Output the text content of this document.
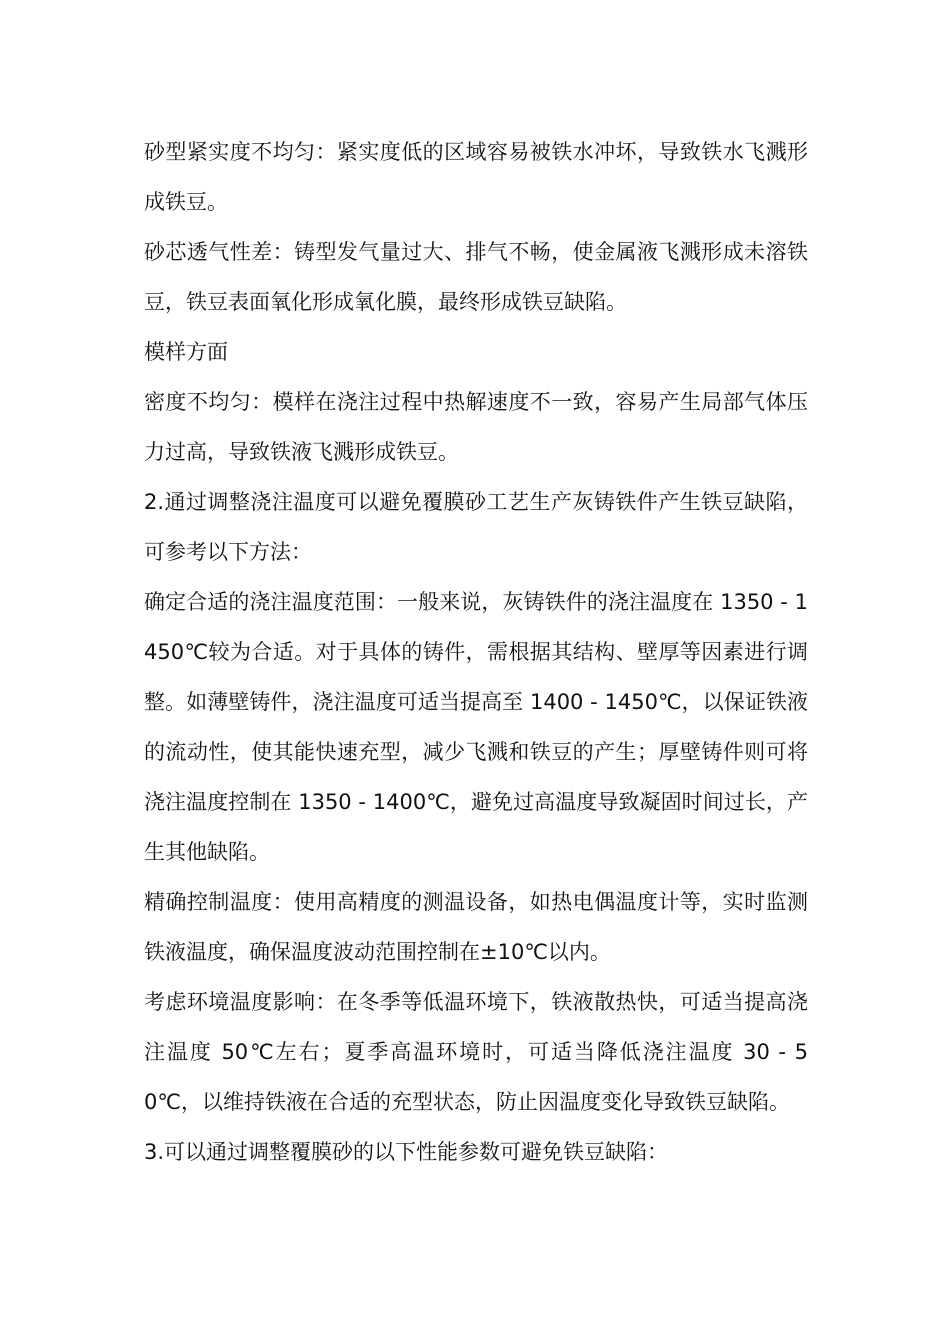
砂型紧实度不均匀：紧实度低的区域容易被铁水冲坏，导致铁水飞溅形成铁豆。

砂芯透气性差：铸型发气量过大、排气不畅，使金属液飞溅形成未溶铁豆，铁豆表面氧化形成氧化膜，最终形成铁豆缺陷。

模样方面

密度不均匀：模样在浇注过程中热解速度不一致，容易产生局部气体压力过高，导致铁液飞溅形成铁豆。

2.通过调整浇注温度可以避免覆膜砂工艺生产灰铸铁件产生铁豆缺陷，可参考以下方法：

确定合适的浇注温度范围：一般来说，灰铸铁件的浇注温度在 1350 - 1450℃较为合适。对于具体的铸件，需根据其结构、壁厚等因素进行调整。如薄壁铸件，浇注温度可适当提高至 1400 - 1450℃，以保证铁液的流动性，使其能快速充型，减少飞溅和铁豆的产生；厚壁铸件则可将浇注温度控制在 1350 - 1400℃，避免过高温度导致凝固时间过长，产生其他缺陷。

精确控制温度：使用高精度的测温设备，如热电偶温度计等，实时监测铁液温度，确保温度波动范围控制在±10℃以内。

考虑环境温度影响：在冬季等低温环境下，铁液散热快，可适当提高浇注温度 50℃左右；夏季高温环境时，可适当降低浇注温度 30 - 50℃，以维持铁液在合适的充型状态，防止因温度变化导致铁豆缺陷。

3.可以通过调整覆膜砂的以下性能参数可避免铁豆缺陷：
